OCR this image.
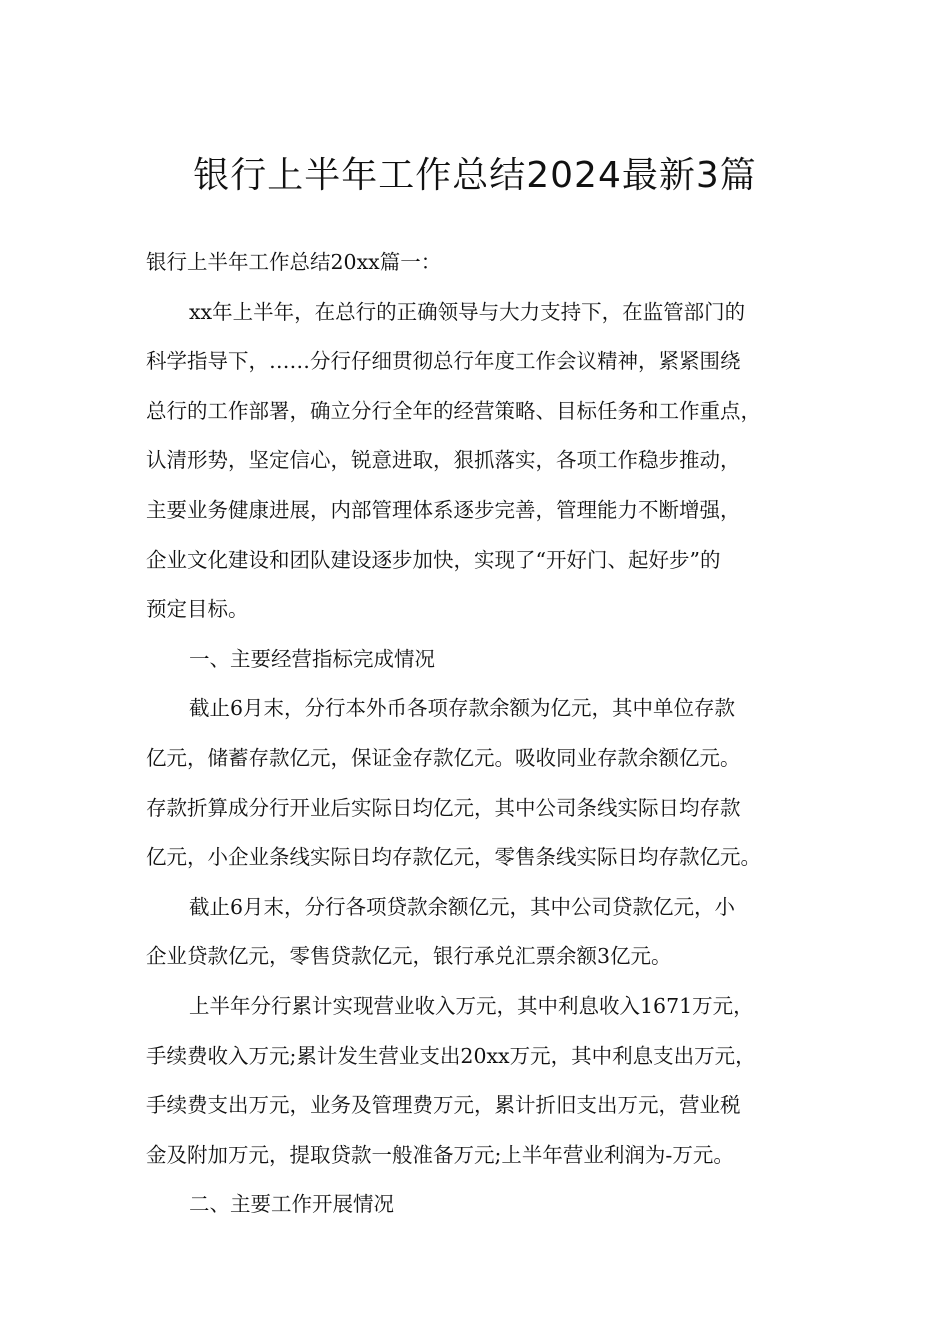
银行上半年工作总结2024最新3篇

银行上半年工作总结20xx篇一：

xx年上半年，在总行的正确领导与大力支持下，在监管部门的
科学指导下，……分行仔细贯彻总行年度工作会议精神，紧紧围绕
总行的工作部署，确立分行全年的经营策略、目标任务和工作重点，
认清形势，坚定信心，锐意进取，狠抓落实，各项工作稳步推动，
主要业务健康进展，内部管理体系逐步完善，管理能力不断增强，
企业文化建设和团队建设逐步加快，实现了“开好门、起好步”的
预定目标。

一、主要经营指标完成情况

截止6月末，分行本外币各项存款余额为亿元，其中单位存款
亿元，储蓄存款亿元，保证金存款亿元。吸收同业存款余额亿元。
存款折算成分行开业后实际日均亿元，其中公司条线实际日均存款
亿元，小企业条线实际日均存款亿元，零售条线实际日均存款亿元。

截止6月末，分行各项贷款余额亿元，其中公司贷款亿元，小
企业贷款亿元，零售贷款亿元，银行承兑汇票余额3亿元。

上半年分行累计实现营业收入万元，其中利息收入1671万元，
手续费收入万元;累计发生营业支出20xx万元，其中利息支出万元，
手续费支出万元，业务及管理费万元，累计折旧支出万元，营业税
金及附加万元，提取贷款一般准备万元;上半年营业利润为-万元。

二、主要工作开展情况
